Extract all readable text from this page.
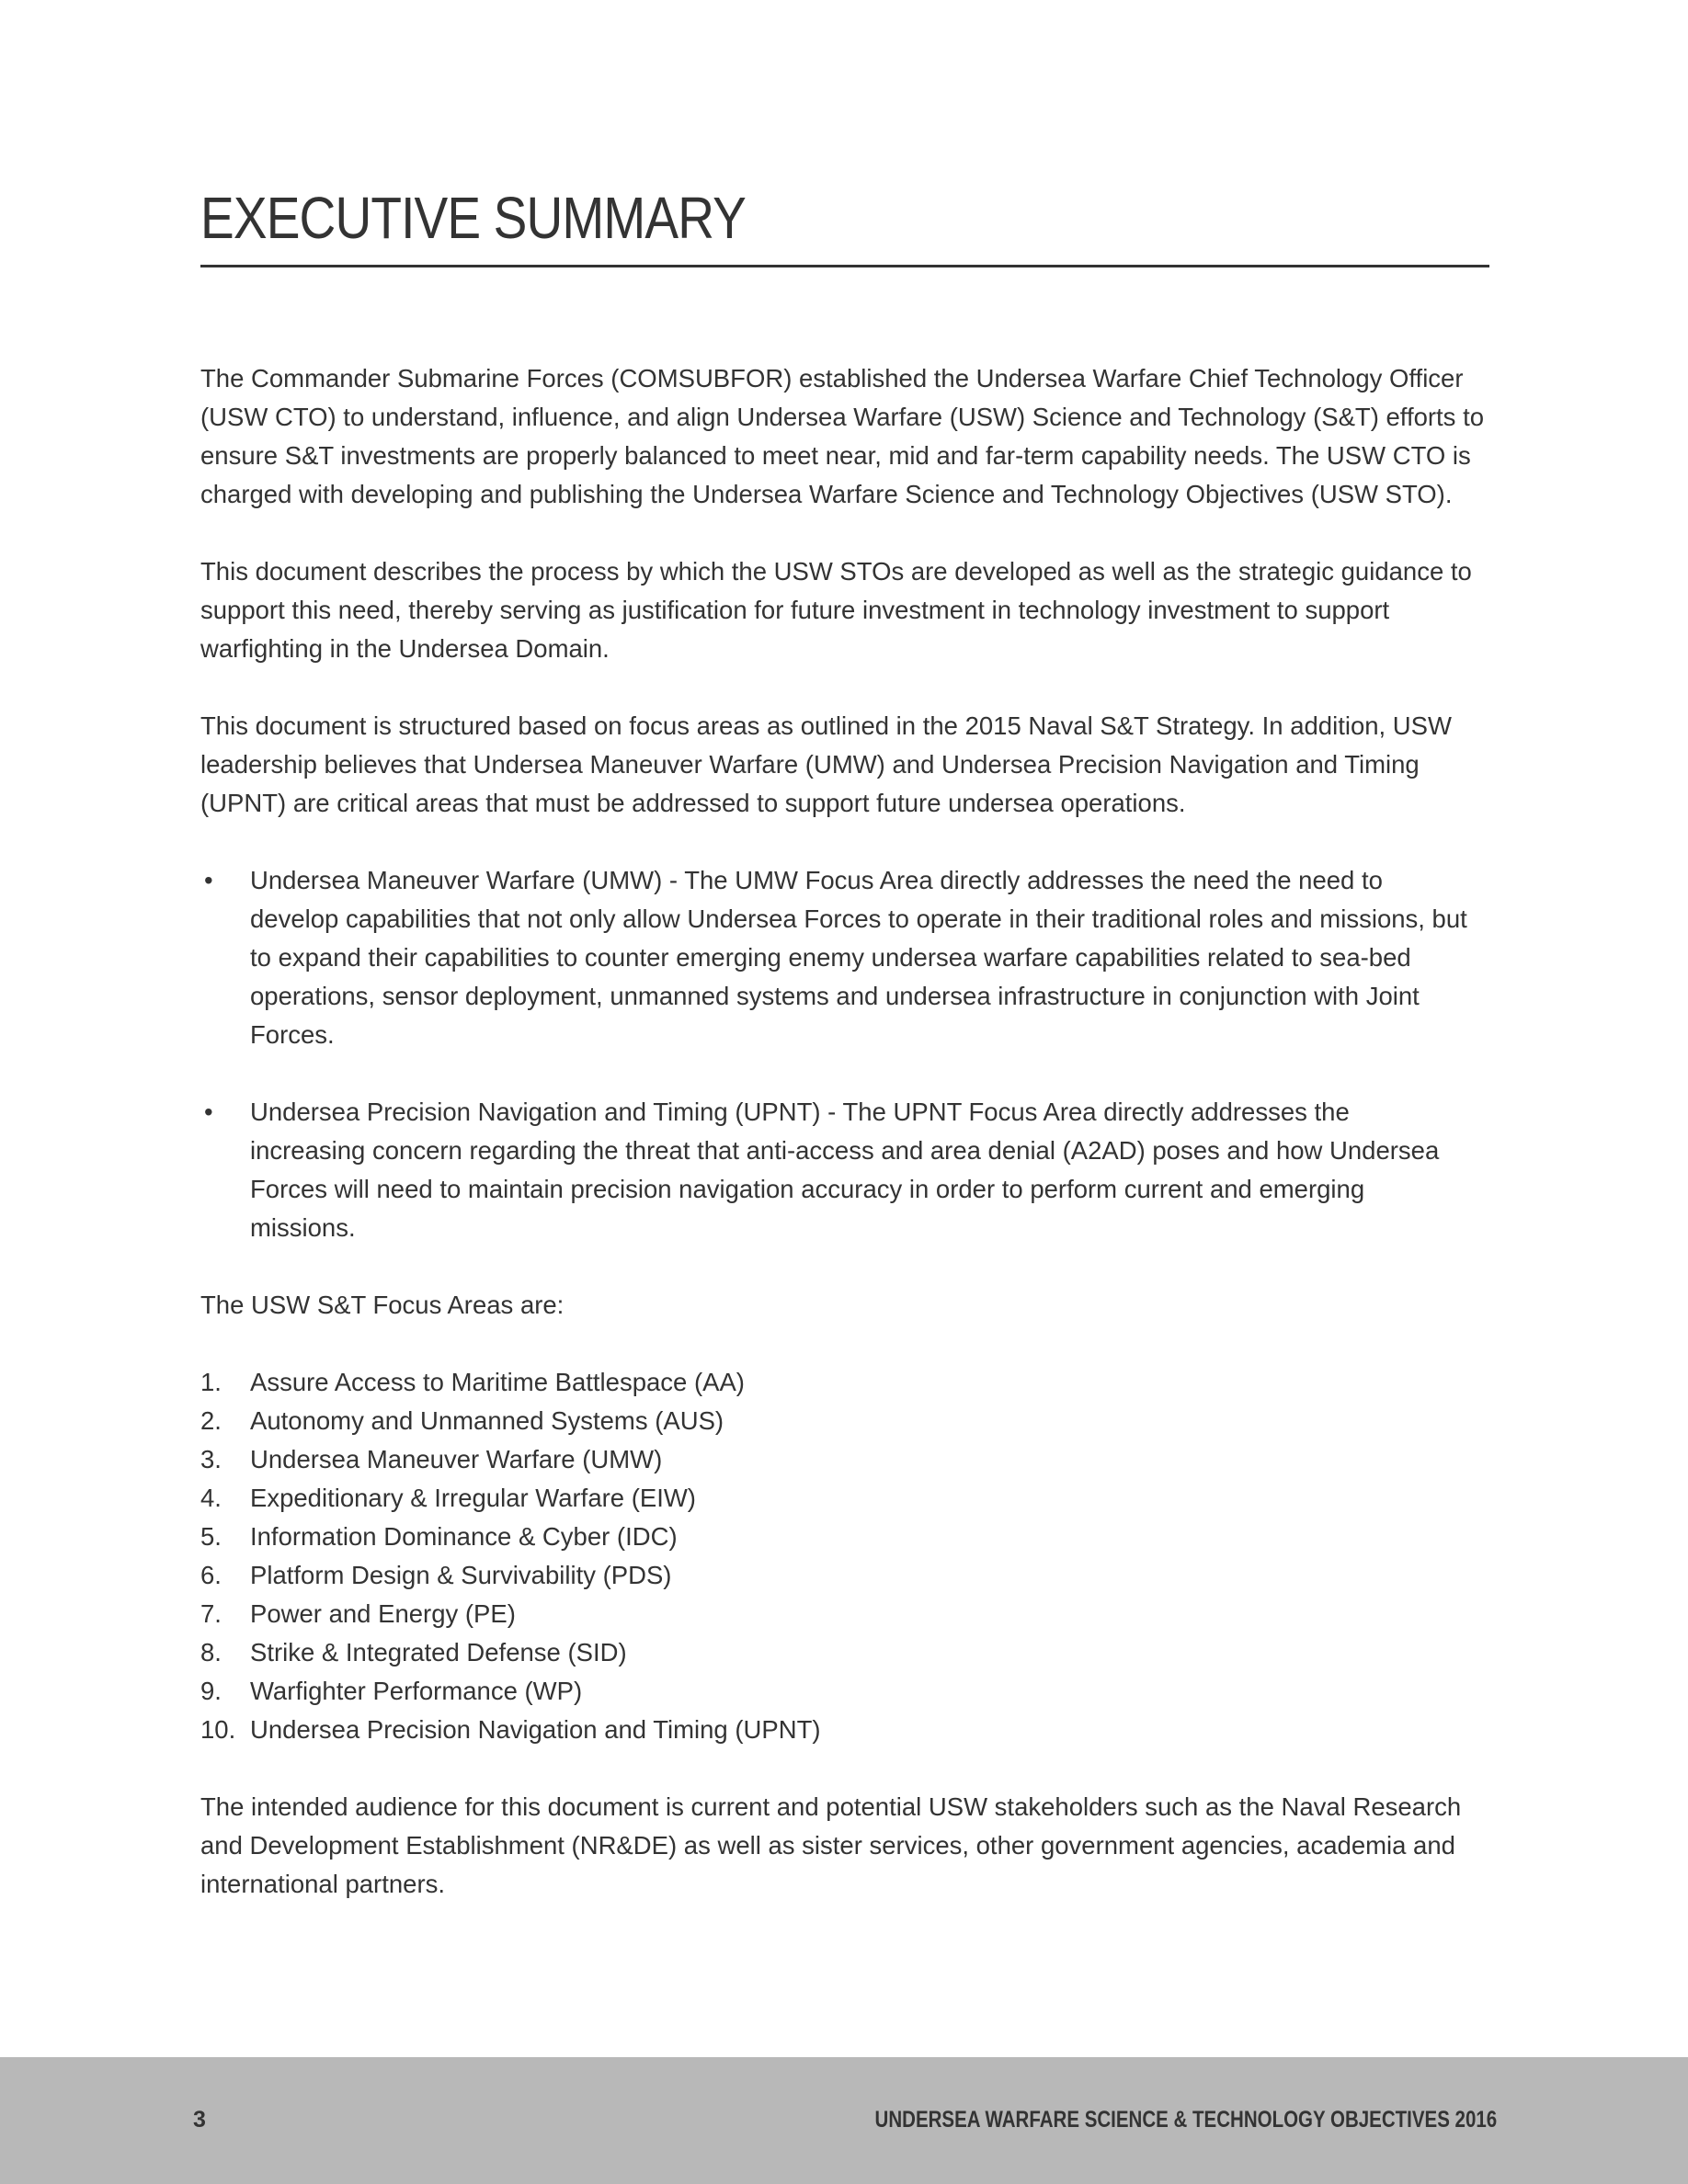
EXECUTIVE SUMMARY

The Commander Submarine Forces (COMSUBFOR) established the Undersea Warfare Chief Technology Officer (USW CTO) to understand, influence, and align Undersea Warfare (USW) Science and Technology (S&T) efforts to ensure S&T investments are properly balanced to meet near, mid and far-term capability needs. The USW CTO is charged with developing and publishing the Undersea Warfare Science and Technology Objectives (USW STO).

This document describes the process by which the USW STOs are developed as well as the strategic guidance to support this need, thereby serving as justification for future investment in technology investment to support warfighting in the Undersea Domain.

This document is structured based on focus areas as outlined in the 2015 Naval S&T Strategy. In addition, USW leadership believes that Undersea Maneuver Warfare (UMW) and Undersea Precision Navigation and Timing (UPNT) are critical areas that must be addressed to support future undersea operations.

•	Undersea Maneuver Warfare (UMW) - The UMW Focus Area directly addresses the need the need to develop capabilities that not only allow Undersea Forces to operate in their traditional roles and missions, but to expand their capabilities to counter emerging enemy undersea warfare capabilities related to sea-bed operations, sensor deployment, unmanned systems and undersea infrastructure in conjunction with Joint Forces.
•	Undersea Precision Navigation and Timing (UPNT) - The UPNT Focus Area directly addresses the increasing concern regarding the threat that anti-access and area denial (A2AD) poses and how Undersea Forces will need to maintain precision navigation accuracy in order to perform current and emerging missions.

The USW S&T Focus Areas are:

1.	Assure Access to Maritime Battlespace (AA)
2.	Autonomy and Unmanned Systems (AUS)
3.	Undersea Maneuver Warfare (UMW)
4.	Expeditionary & Irregular Warfare (EIW)
5.	Information Dominance & Cyber (IDC)
6.	Platform Design & Survivability (PDS)
7.	Power and Energy (PE)
8.	Strike & Integrated Defense (SID)
9.	Warfighter Performance (WP)
10. Undersea Precision Navigation and Timing (UPNT)

The intended audience for this document is current and potential USW stakeholders such as the Naval Research and Development Establishment (NR&DE) as well as sister services, other government agencies, academia and international partners.

3	UNDERSEA WARFARE SCIENCE & TECHNOLOGY OBJECTIVES 2016
